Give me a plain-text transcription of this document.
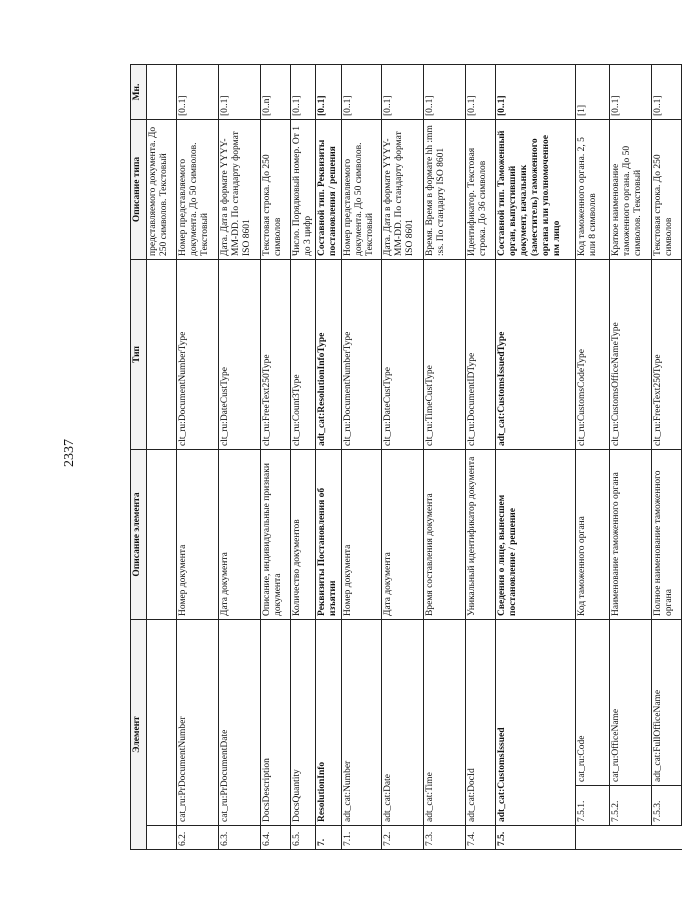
2337
Элемент			Описание элемента	Тип	Описание типа	Мн.
					представляемого документа. До 250 символов. Текстовый	
6.2.	cat_ru:PrDocumentNumber		Номер документа	clt_ru:DocumentNumberType	Номер представляемого документа. До 50 символов. Текстовый	[0..1]
6.3.	cat_ru:PrDocumentDate		Дата документа	clt_ru:DateCustType	Дата. Дата в формате YYYY-MM-DD. По стандарту формат ISO 8601	[0..1]
6.4.	DocsDescription		Описание, индивидуальные признаки документа	clt_ru:FreeText250Type	Текстовая строка. До 250 символов	[0..n]
6.5.	DocsQuantity		Количество документов	clt_ru:Count3Type	Число. Порядковый номер. От 1 до 3 цифр	[0..1]
7.	ResolutionInfo		Реквизиты Постановления об изъятии	adt_cat:ResolutionInfoType	Составной тип. Реквизиты постановления / решения	[0..1]
7.1.	adt_cat:Number		Номер документа	clt_ru:DocumentNumberType	Номер представляемого документа. До 50 символов. Текстовый	[0..1]
7.2.	adt_cat:Date		Дата документа	clt_ru:DateCustType	Дата. Дата в формате YYYY-MM-DD. По стандарту формат ISO 8601	[0..1]
7.3.	adt_cat:Time		Время составления документа	clt_ru:TimeCustType	Время. Время в формате hh :mm :ss. По стандарту ISO 8601	[0..1]
7.4.	adt_cat:DocId		Уникальный идентификатор документа	clt_ru:DocumentIDType	Идентификатор. Текстовая строка. До 36 символов	[0..1]
7.5.	adt_cat:CustomsIssued		Сведения о лице, вынесшем постановление / решение	adt_cat:CustomsIssuedType	Составной тип. Таможенный орган, выпустивший документ, начальник (заместитель) таможенного органа или уполномоченное им лицо	[0..1]
	7.5.1.	cat_ru:Code	Код таможенного органа	clt_ru:CustomsCodeType	Код таможенного органа. 2, 5 или 8 символов	[1]
	7.5.2.	cat_ru:OfficeName	Наименование таможенного органа	clt_ru:CustomsOfficeNameType	Краткое наименование таможенного органа. До 50 символов. Текстовый	[0..1]
	7.5.3.	adt_cat:FullOfficeName	Полное наименование таможенного органа	clt_ru:FreeText250Type	Текстовая строка. До 250 символов	[0..1]
